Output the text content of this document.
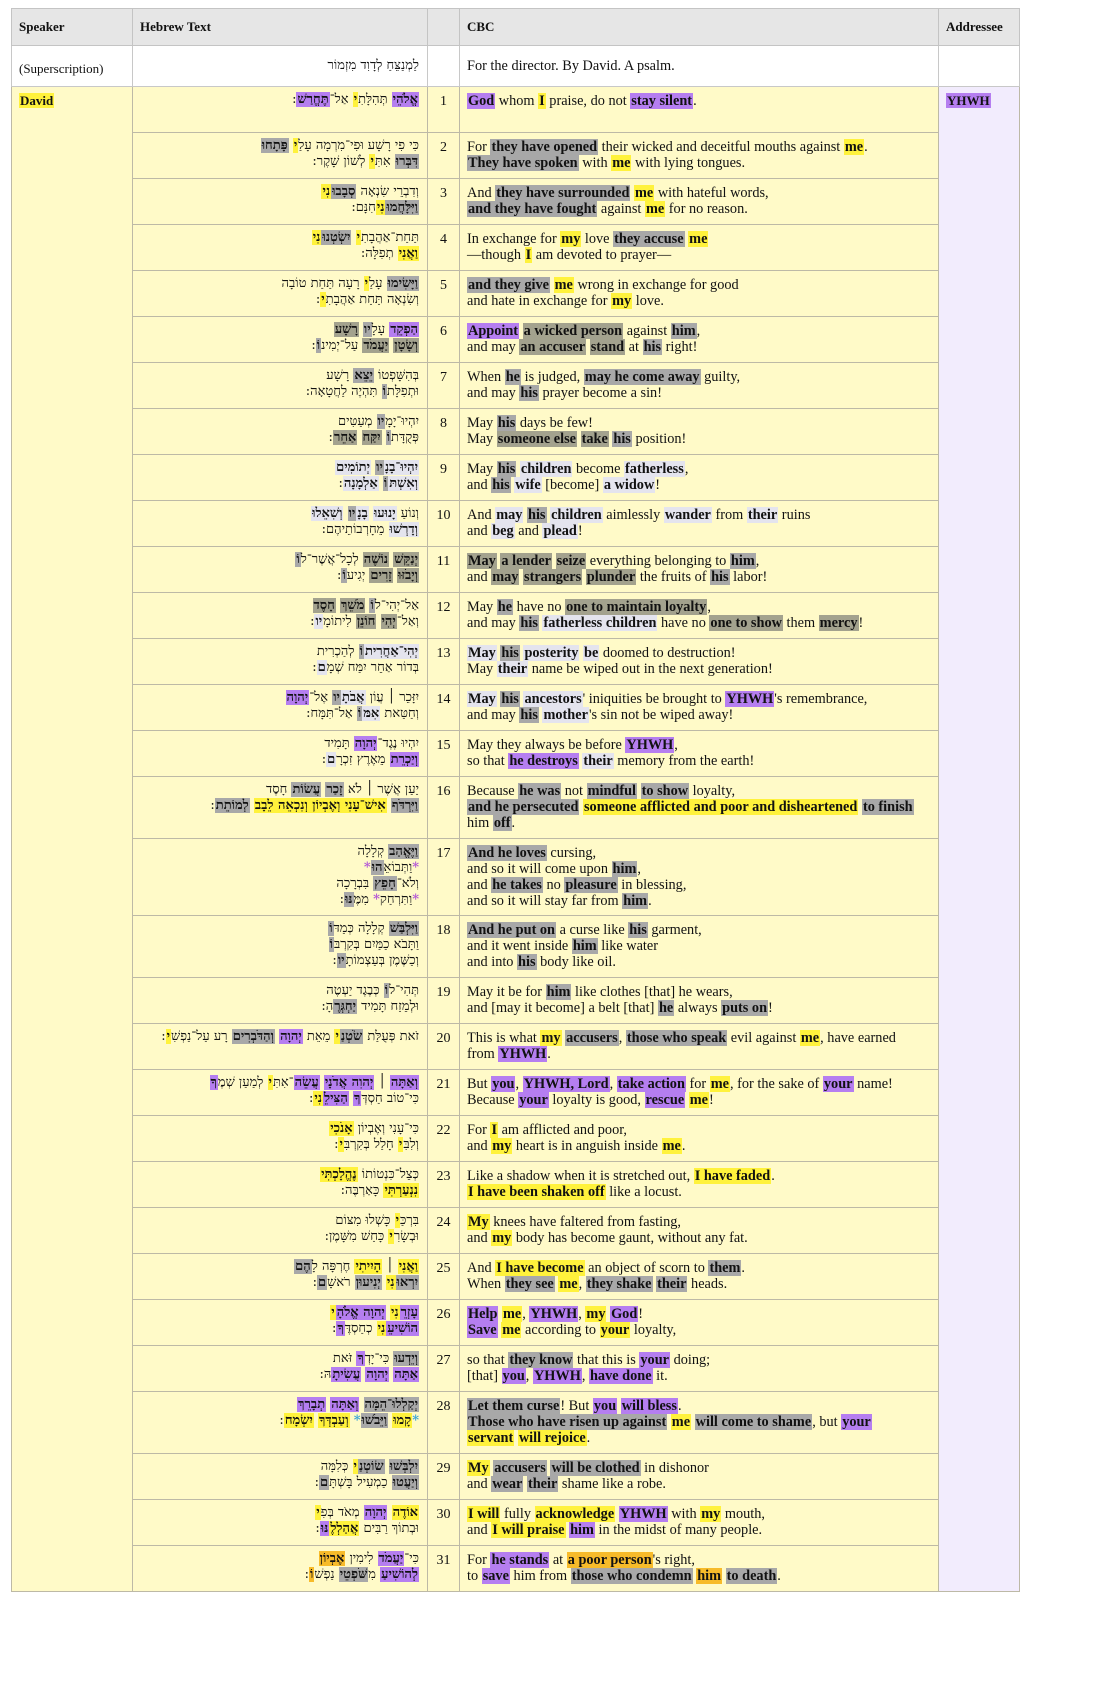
Speaker	Hebrew Text		CBC	Addressee
(Superscription)	לַמְנַצֵּחַ לְדָוִד מִזְמוֹר		For the director. By David. A psalm.	
David	אֱלֹהֵי תְּהִלָּתִי אַל־תֶּחֱרַשׁ:	1	God whom I praise, do not stay silent.	YHWH

	כִּי פִי רָשָׁע וּפִי־מִרְמָה עָלַי פָּתָחוּ
דִּבְּרוּ אִתִּי לְשׁוֹן שָׁקֶר:	2	For they have opened their wicked and deceitful mouths against me.
They have spoken with me with lying tongues.	

	וְדִבְרֵי שִׂנְאָה סְבָבוּנִי
וַיִּלָּחֲמוּנִיחִנָּם:	3	And they have surrounded me with hateful words,
and they have fought against me for no reason.	

	תַּחַת־אַהֲבָתִי יִשְׂטְנוּנִי
וַאֲנִי תְפִלָּה:	4	In exchange for my love they accuse me
—though I am devoted to prayer—	

	וַיָּשִׂימוּ עָלַי רָעָה תַּחַת טוֹבָה
וְשִׂנְאָה תַּחַת אַהֲבָתִי:	5	and they give me wrong in exchange for good
and hate in exchange for my love.	

	הַפְקֵד עָלָיו רָשָׁע
וְשָׂטָן יַעֲמֹד עַל־יְמִינוֹ:	6	Appoint a wicked person against him,
and may an accuser stand at his right!	

	בְּהִשָּׁפְטוֹ יֵצֵא רָשָׁע
וּתְפִלָּתוֹ תִּהְיֶה לַחֲטָאָה:	7	When he is judged, may he come away guilty,
and may his prayer become a sin!	

	יִהְיוּ־יָמָיו מְעַטִּים
פְּקֻדָּתוֹ יִקַּח אַחֵר:	8	May his days be few!
May someone else take his position!	

	יִהְיוּ־בָנָיו יְתוֹמִים
וְאִשְׁתּוֹ אַלְמָנָה:	9	May his children become fatherless,
and his wife [become] a widow!	

	וְנוֹעַ יָנוּעוּ בָנָיו וְשִׁאֵלוּ
וְדָרְשׁוּ מֵחָרְבוֹתֵיהֶם:	10	And may his children aimlessly wander from their ruins
and beg and plead!	

	יְנַקֵּשׁ נוֹשֶׁה לְכָל־אֲשֶׁר־לוֹ
וְיָבֹזּוּ זָרִים יְגִיעוֹ:	11	May a lender seize everything belonging to him,
and may strangers plunder the fruits of his labor!	

	אַל־יְהִי־לוֹ מֹשֵׁךְ חָסֶד
וְאַל־יְהִי חוֹנֵן לִיתוֹמָיו:	12	May he have no one to maintain loyalty,
and may his fatherless children have no one to show them mercy!	

	יְהִי־אַחֲרִיתוֹ לְהַכְרִית
בְּדוֹר אַחֵר יִמַּח שְׁמָם:	13	May his posterity be doomed to destruction!
May their name be wiped out in the next generation!	

	יִזָּכֵר ׀ עֲוֹן אֲבֹתָיו אֶל־יְהוָה
וְחַטַּאת אִמּוֹ אַל־תִּמָּח:	14	May his ancestors' iniquities be brought to YHWH's remembrance,
and may his mother's sin not be wiped away!	

	יִהְיוּ נֶגֶד־יְהוָה תָּמִיד
וְיַכְרֵת מֵאֶרֶץ זִכְרָם:	15	May they always be before YHWH,
so that he destroys their memory from the earth!	

	יַעַן אֲשֶׁר ׀ לֹא זָכַר עֲשׂוֹת חָסֶד
וַיִּרְדֹּף אִישׁ־עָנִי וְאֶבְיוֹן וְנִכְאֵה לֵבָב לְמוֹתֵת:	16	Because he was not mindful to show loyalty,
and he persecuted someone afflicted and poor and disheartened to finish
him off.	

	וַיֶּאֱהַב קְלָלָה
*וַתְּבוֹאֵהוּ*
וְלֹא־חָפֵץ בִּבְרָכָה
*וַתִּרְחַק* מִמֶּנּוּ:	17	And he loves cursing,
and so it will come upon him,
and he takes no pleasure in blessing,
and so it will stay far from him.	

	וַיִּלְבַּשׁ קְלָלָה כְּמַדּוֹ
וַתָּבֹא כַמַּיִם בְּקִרְבּוֹ
וְכַשֶּׁמֶן בְּעַצְמוֹתָיו:	18	And he put on a curse like his garment,
and it went inside him like water
and into his body like oil.	

	תְּהִי־לוֹ כְּבֶגֶד יַעְטֶה
וּלְמֵזַח תָּמִיד יַחְגְּרֶהָ:	19	May it be for him like clothes [that] he wears,
and [may it become] a belt [that] he always puts on!	

	זֹאת פְּעֻלַּת שֹׂטְנַי מֵאֵת יְהוָה וְהַדֹּבְרִים רָע עַל־נַפְשִׁי:	20	This is what my accusers, those who speak evil against me, have earned
from YHWH.	

	וְאַתָּה ׀ יְהוִה אֲדֹנָי עֲשֵׂה־אִתִּי לְמַעַן שְׁמֶךָ
כִּי־טוֹב חַסְדְּךָ הַצִּילֵנִי:	21	But you, YHWH, Lord, take action for me, for the sake of your name!
Because your loyalty is good, rescue me!	

	כִּי־עָנִי וְאֶבְיוֹן אָנֹכִי
וְלִבִּי חָלַל בְּקִרְבִּי:	22	For I am afflicted and poor,
and my heart is in anguish inside me.	

	כְּצֵל־כִּנְטוֹתוֹ נֶהֱלָכְתִּי
נִנְעַרְתִּי כָּאַרְבֶּה:	23	Like a shadow when it is stretched out, I have faded.
I have been shaken off like a locust.	

	בִּרְכַּי כָּשְׁלוּ מִצּוֹם
וּבְשָׂרִי כָּחַשׁ מִשָּׁמֶן:	24	My knees have faltered from fasting,
and my body has become gaunt, without any fat.	

	וַאֲנִי ׀ הָיִיתִי חֶרְפָּה לָהֶם
יִרְאוּנִי יְנִיעוּן רֹאשָׁם:	25	And I have become an object of scorn to them.
When they see me, they shake their heads.	

	עָזְרֵנִי יְהוָה אֱלֹהָי
הוֹשִׁיעֵנִי כְחַסְדֶּךָ:	26	Help me, YHWH, my God!
Save me according to your loyalty,	

	וְיֵדְעוּ כִּי־יָדְךָ זֹּאת
אַתָּה יְהוָה עֲשִׂיתָהּ:	27	so that they know that this is your doing;
[that] you, YHWH, have done it.	

	יְקַלְלוּ־הֵמָּה וְאַתָּה תְבָרֵךְ
*קָמוּ וַיֵּבֹשׁוּ* וְעַבְדְּךָ יִשְׂמָח:	28	Let them curse! But you will bless.
Those who have risen up against me will come to shame, but your
servant will rejoice.	

	יִלְבְּשׁוּ שׂוֹטְנַי כְּלִמָּה
וְיַעֲטוּ כַמְעִיל בָּשְׁתָּם:	29	My accusers will be clothed in dishonor
and wear their shame like a robe.	

	אוֹדֶה יְהוָה מְאֹד בְּפִי
וּבְתוֹךְ רַבִּים אֲהַלְלֶנּוּ:	30	I will fully acknowledge YHWH with my mouth,
and I will praise him in the midst of many people.	

	כִּי־יַעֲמֹד לִימִין אֶבְיוֹן
לְהוֹשִׁיעַ מִשֹּׁפְטֵי נַפְשׁוֹ:	31	For he stands at a poor person's right,
to save him from those who condemn him to death.	
